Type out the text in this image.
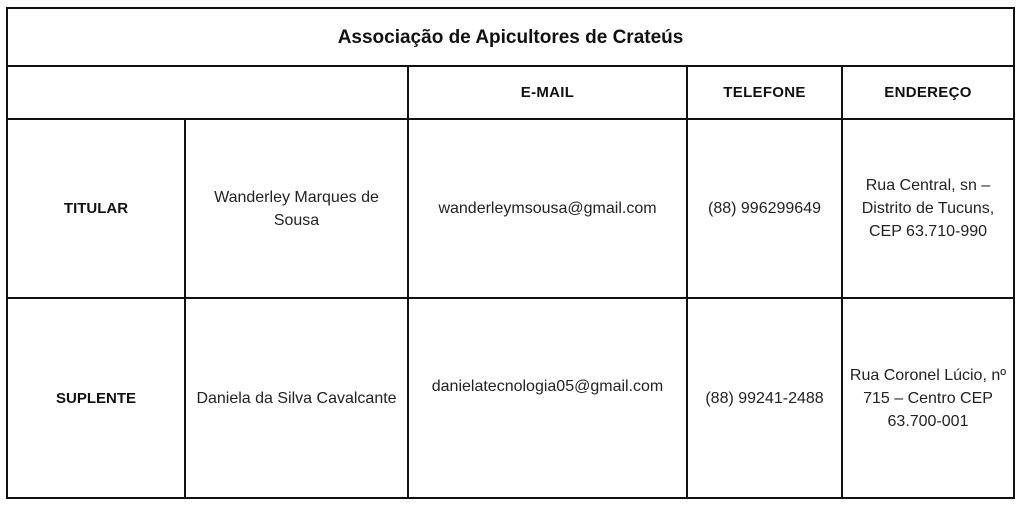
Associação de Apicultores de Crateús				
		E-MAIL	TELEFONE	ENDEREÇO
TITULAR	Wanderley Marques de Sousa	wanderleymsousa@gmail.com	(88) 996299649	Rua Central, sn – Distrito de Tucuns, CEP 63.710-990
SUPLENTE	Daniela da Silva Cavalcante	danielatecnologia05@gmail.com	(88) 99241-2488	Rua Coronel Lúcio, nº 715 – Centro CEP 63.700-001
